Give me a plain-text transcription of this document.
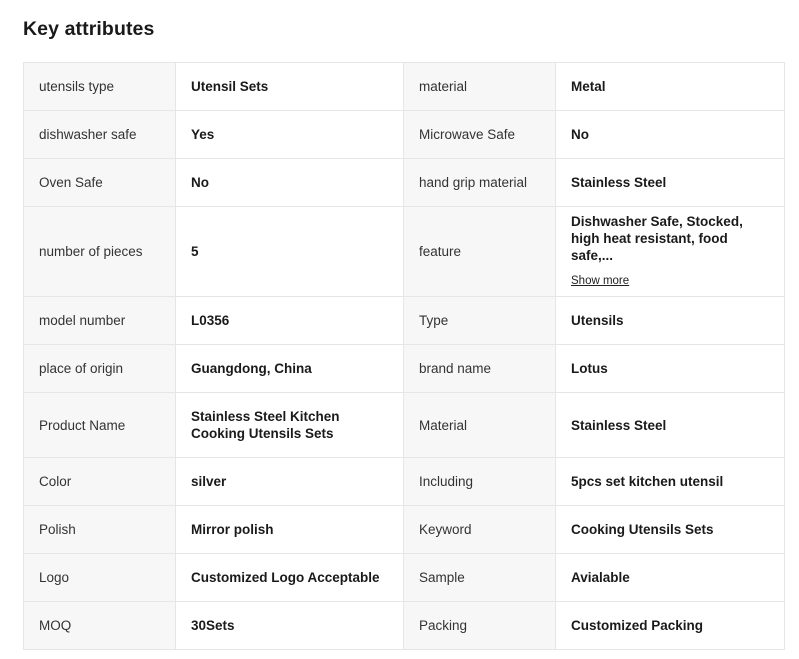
Key attributes
utensils type	Utensil Sets	material	Metal
dishwasher safe	Yes	Microwave Safe	No
Oven Safe	No	hand grip material	Stainless Steel
number of pieces	5	feature	Dishwasher Safe, Stocked, high heat resistant, food safe,...
Show more
model number	L0356	Type	Utensils
place of origin	Guangdong, China	brand name	Lotus
Product Name	Stainless Steel Kitchen Cooking Utensils Sets	Material	Stainless Steel
Color	silver	Including	5pcs set kitchen utensil
Polish	Mirror polish	Keyword	Cooking Utensils Sets
Logo	Customized Logo Acceptable	Sample	Avialable
MOQ	30Sets	Packing	Customized Packing
